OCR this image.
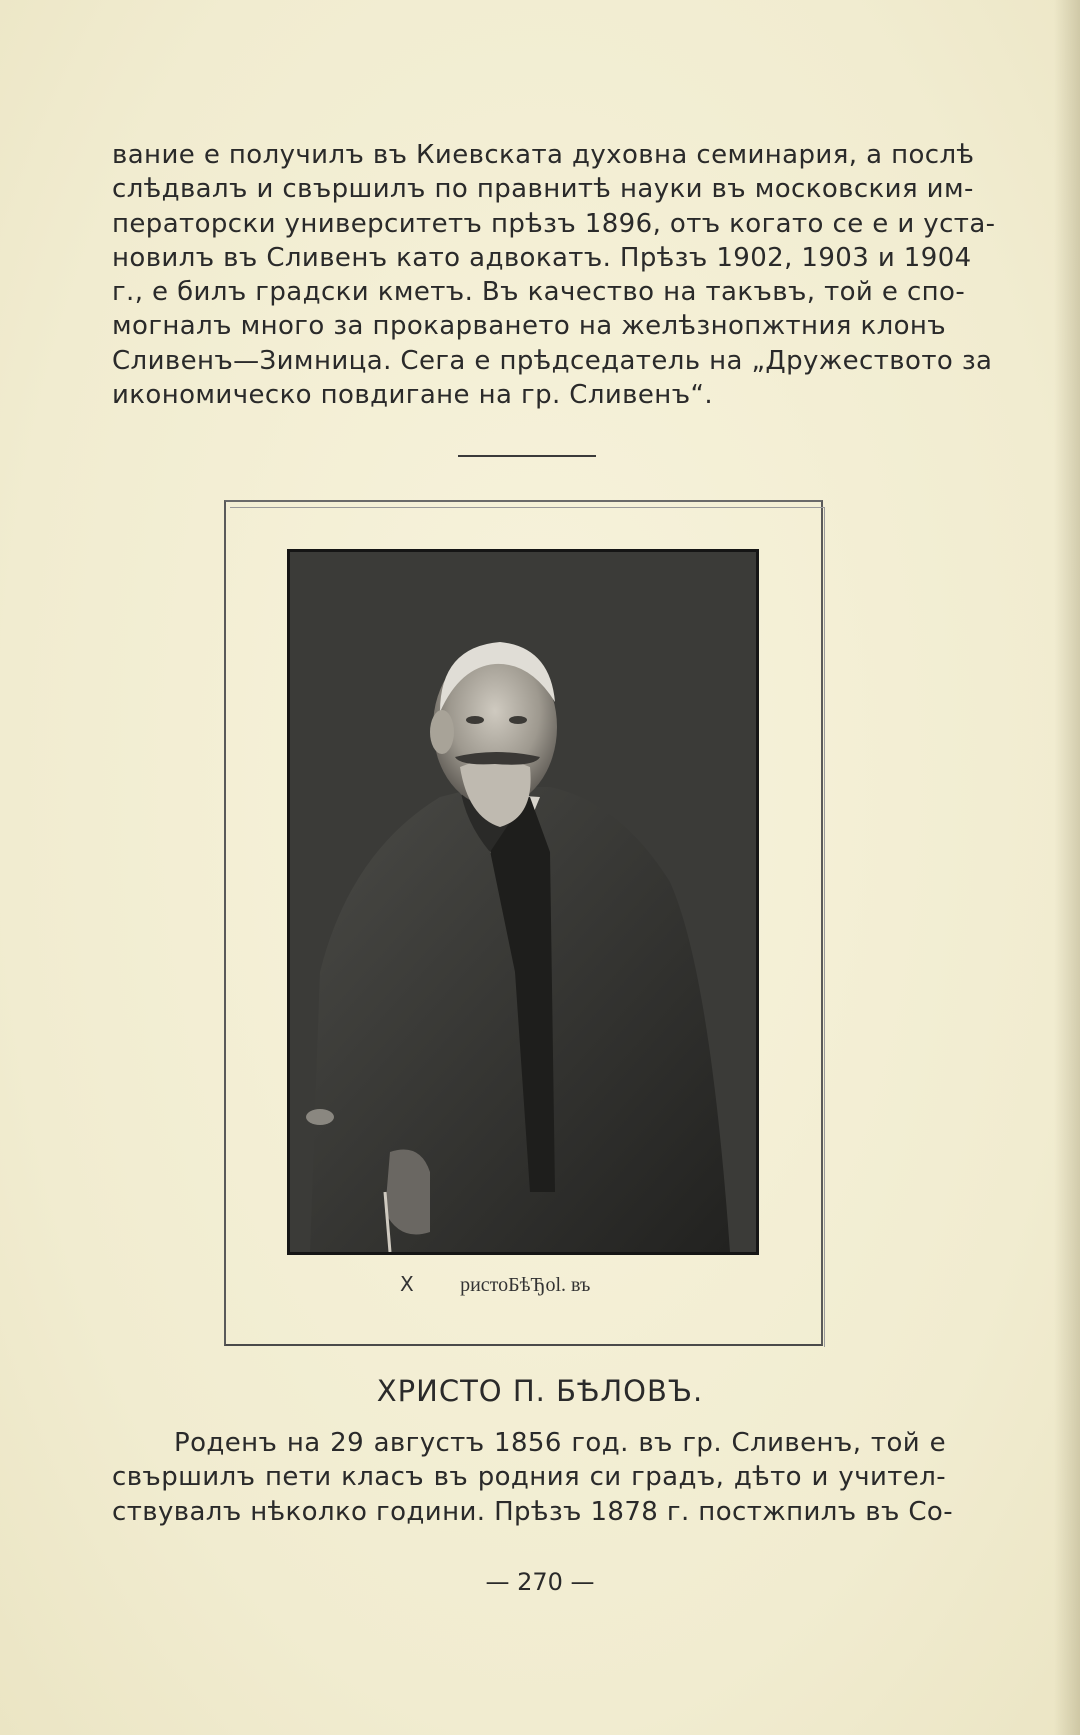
вание е получилъ въ Киевската духовна семинария, а послѣ
слѣдвалъ и свършилъ по правнитѣ науки въ московския им-
ператорски университетъ прѣзъ 1896, отъ когато се е и уста-
новилъ въ Сливенъ като адвокатъ. Прѣзъ 1902, 1903 и 1904
г., е билъ градски кметъ. Въ качество на такъвъ, той е спо-
могналъ много за прокарването на желѣзнопжтния клонъ
Сливенъ—Зимница. Сега е прѣдседатель на „Дружеството за
икономическо повдигане на гр. Сливенъ“.
Х ристоБѣЂоl. въ
ХРИСТО П. БѢЛОВЪ.
Роденъ на 29 августъ 1856 год. въ гр. Сливенъ, той е
свършилъ пети класъ въ родния си градъ, дѣто и учител-
ствувалъ нѣколко години. Прѣзъ 1878 г. постжпилъ въ Со-
— 270 —
